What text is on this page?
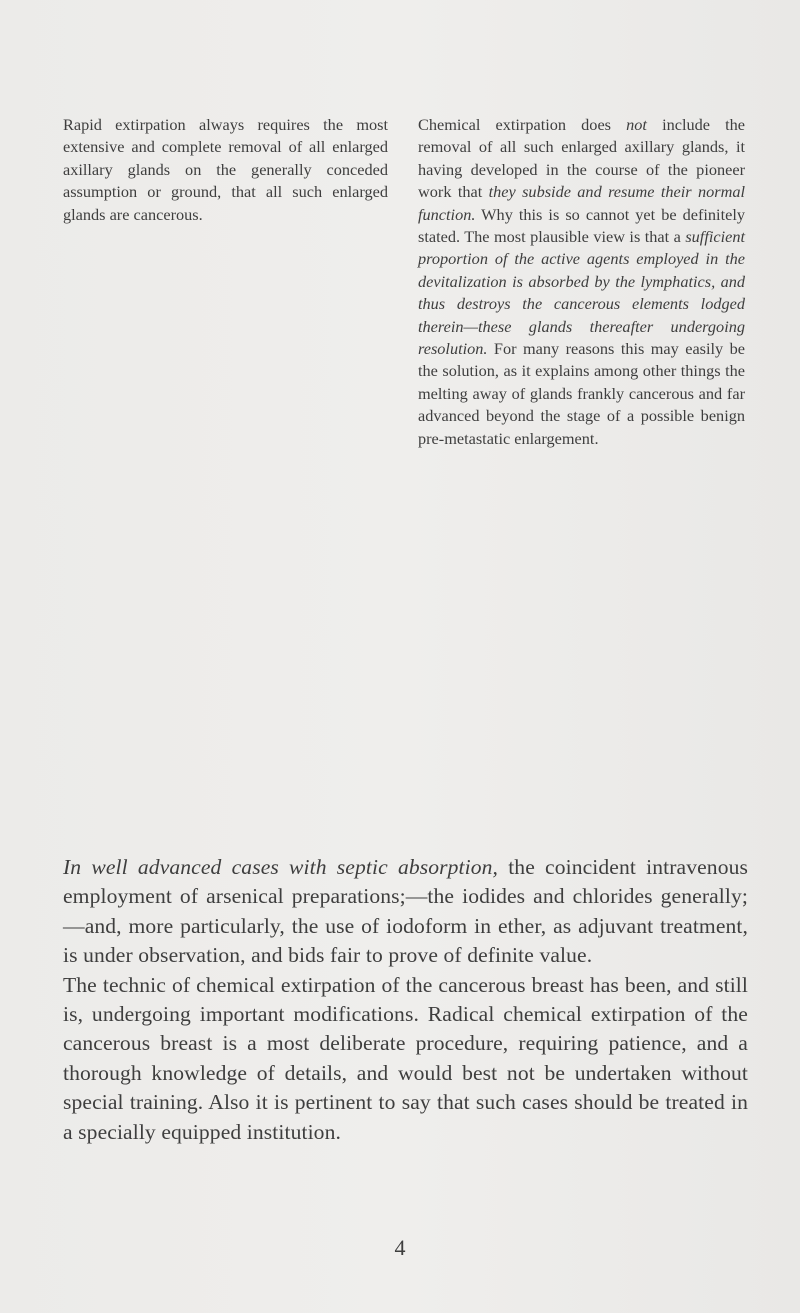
Rapid extirpation always requires the most extensive and complete removal of all enlarged axillary glands on the generally conceded assumption or ground, that all such enlarged glands are cancerous.

Chemical extirpation does not include the removal of all such enlarged axillary glands, it having developed in the course of the pioneer work that they subside and resume their normal function. Why this is so cannot yet be definitely stated. The most plausible view is that a sufficient proportion of the active agents employed in the devitalization is absorbed by the lymphatics, and thus destroys the cancerous elements lodged therein—these glands thereafter undergoing resolution. For many reasons this may easily be the solution, as it explains among other things the melting away of glands frankly cancerous and far advanced beyond the stage of a possible benign pre-metastatic enlargement.

In well advanced cases with septic absorption, the coincident intravenous employment of arsenical preparations;—the iodides and chlorides generally;—and, more particularly, the use of iodoform in ether, as adjuvant treatment, is under observation, and bids fair to prove of definite value.

The technic of chemical extirpation of the cancerous breast has been, and still is, undergoing important modifications. Radical chemical extirpation of the cancerous breast is a most deliberate procedure, requiring patience, and a thorough knowledge of details, and would best not be undertaken without special training. Also it is pertinent to say that such cases should be treated in a specially equipped institution.

4
